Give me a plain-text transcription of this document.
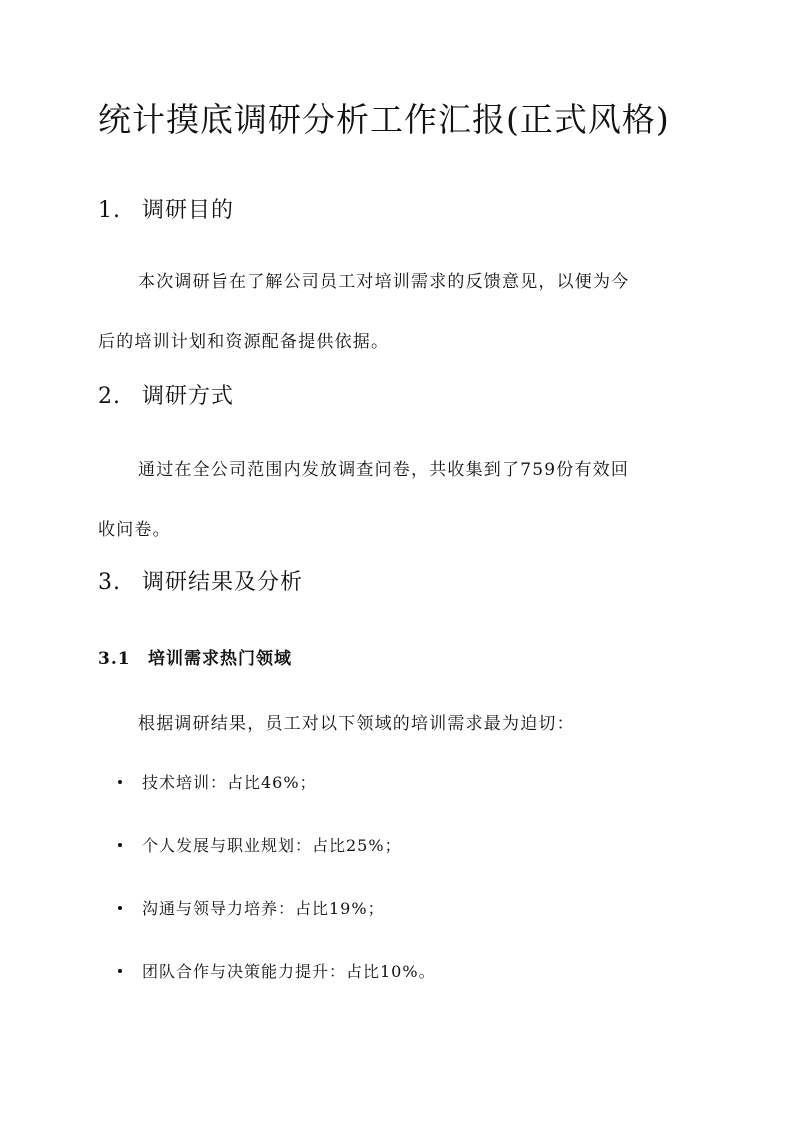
统计摸底调研分析工作汇报(正式风格)
1. 调研目的
本次调研旨在了解公司员工对培训需求的反馈意见，以便为今
后的培训计划和资源配备提供依据。
2. 调研方式
通过在全公司范围内发放调查问卷，共收集到了759份有效回
收问卷。
3. 调研结果及分析
3.1 培训需求热门领域
根据调研结果，员工对以下领域的培训需求最为迫切：
技术培训：占比46%；
个人发展与职业规划：占比25%；
沟通与领导力培养：占比19%；
团队合作与决策能力提升：占比10%。
